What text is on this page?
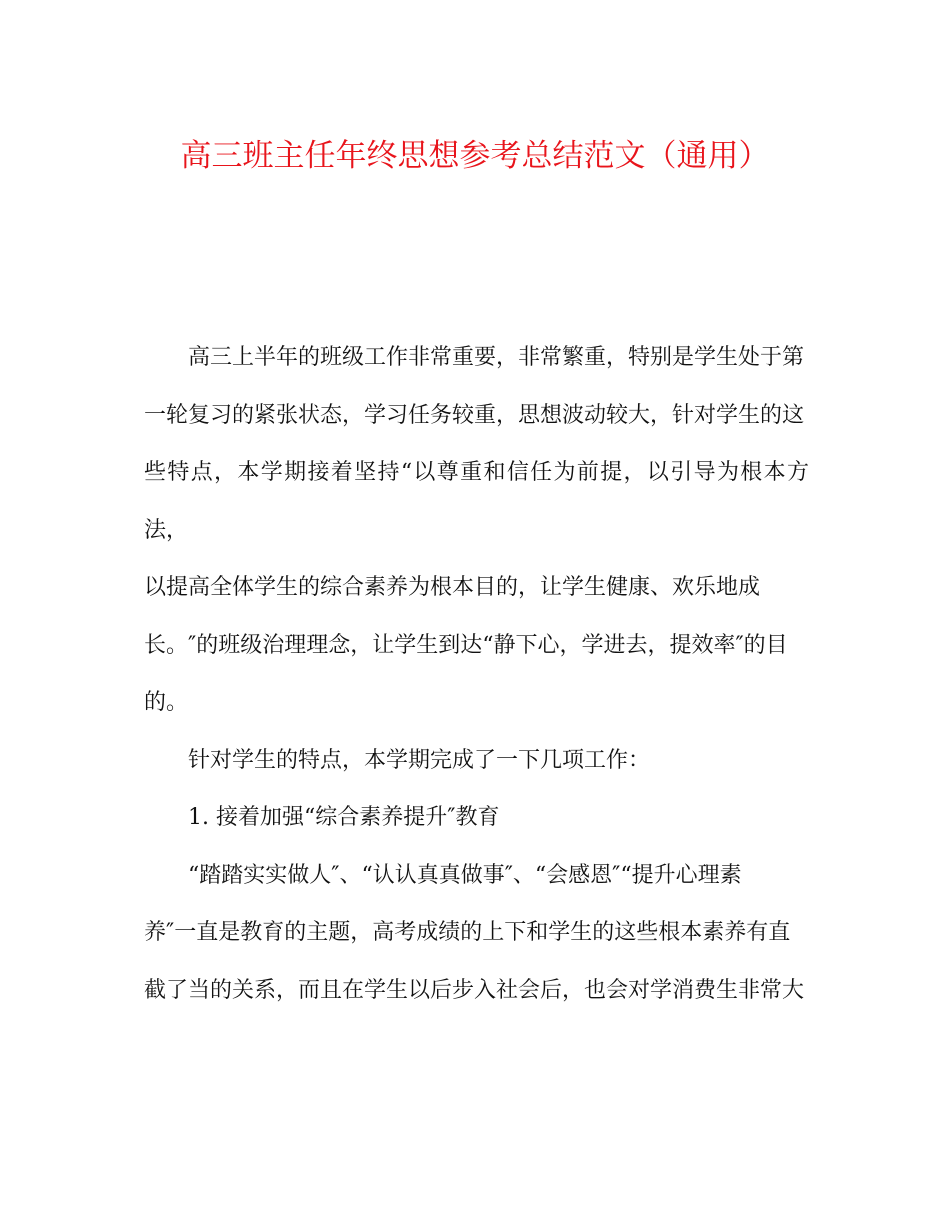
高三班主任年终思想参考总结范文（通用）

高三上半年的班级工作非常重要，非常繁重，特别是学生处于第

一轮复习的紧张状态，学习任务较重，思想波动较大，针对学生的这

些特点，本学期接着坚持“以尊重和信任为前提，以引导为根本方法，

以提高全体学生的综合素养为根本目的，让学生健康、欢乐地成

长。″的班级治理理念，让学生到达“静下心，学进去，提效率″的目

的。

针对学生的特点，本学期完成了一下几项工作：

1. 接着加强“综合素养提升″教育

“踏踏实实做人″、“认认真真做事″、“会感恩″“提升心理素

养″一直是教育的主题，高考成绩的上下和学生的这些根本素养有直

截了当的关系，而且在学生以后步入社会后，也会对学消费生非常大
